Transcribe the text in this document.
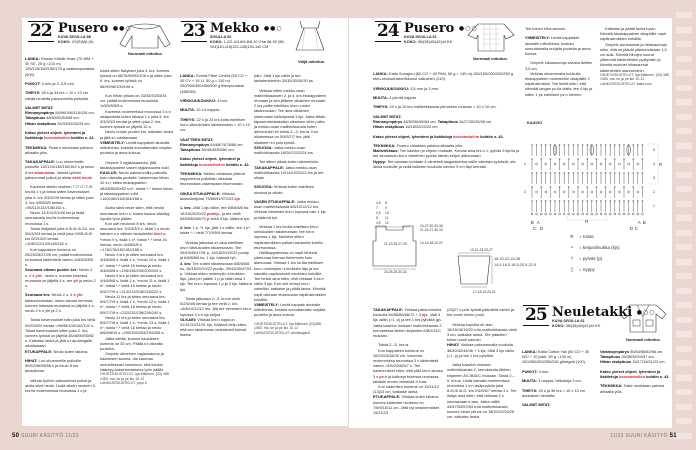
OHJEET
22 Pusero ●●○
KUVA SIVULLA 58
KOKO: XS(S)M(L)XL
Normaali mitoitus.

LANKA: Rowan Kidsilk Haze (70 WM + 30 SE, 25 g =210 m) 125/125/150/150/175 g vaaleanpunaista (600).

PUIKOT: 3 mm ja 3–3,5 mm.

TIHEYS: 25 s ja 34 krs = 10 x 10 cm sileää neuletta paksummilla puikoilla.

VALMIIT MITAT:
Rinnanympärys 84/96/106/116/126 cm.
Takapituus 48/50/52/54/56 cm.
Hihan sisäpituus 33/33/33/33/33 cm.

Katso yleiset ohjeet, lyhenteet ja lisätietoja korostettuihin kohtiin s. 42.

TEKNIIKKA: Pusero neulotaan paloina alhaalta ylös.

TAKAKAPPALE: Luo ohuemmille puikoille 110/124/136/150/162 s ja neulo 8 krs ainaoikeaa. Vaihda työhön paksummat puikot ja aloita sileä neule.

Kavenna sileän neuleen 7./7./7./7./9. krs:lla 1 s ja toista sitten kavennukset joka 6. krs 3/3/3/2/6 kertaa ja sitten joka 4. krs 4/5/5/5/0 kertaa =96/110/122/136/152 s.

Neulo 11/10/10/10/8 krs ja lisää seuraavalla krs:lla molemmissa reunoissa 1 s.

Toista lisäykset joka 6./6./6./6./10. krs 5/5/4/3/3 kertaa ja vielä joka 0/0/8./8./8. krs 0/0/1/2/0 kertaa =108/122/134/148/162 s.

Kun kappaleen korkeus on 25/25/26/27/28 cm, päätä molemmissa reunoissa kädentietä varten 1x5/5/5/5/5 s.

Seuraava oikean puolen krs: Neulo 2 s, 2 s yht., neulo s, kunnes toisessa reunassa on jäljellä 4 s, tee ylt ja neulo 2 s.

Seuraava krs: Neulo 2 s, 2 s yht takareunoistaan, neulo samaa kerrosta, kunnes toisessa reunassa on jäljellä 4 s, neulo 2 s n yht ja 2 n.

Toista kavennukset näin joka krs vielä 0/0/0/0/20 kertaa =98/98/100/102/102 s. Toista kavennukset sitten joka 2. krs, kunnes työssä on jäljellä 48/48/50/50/52 s. Katkaise lanka ja jätä s:t apulangalle odottamaan.

ETUKAPPALE: Neulo kuten takana.

HIHAT: Luo ohuemmille puikoille 50/52/56/56/58 s ja neulo 8 krs ainaoikeaa.

Vaihda työhön paksummat puikot ja aloita sileä neule. Lisää sileän neuleen 5. krs:lla molemmissa reunoissa 1 s ja

toista sitten lisäykset joka 4. krs, kunnes työssä on 66/76/80/92/106 s ja sitten joka 6. krs, kunnes työssä on 86/90/96/100/106 s.

Kun hihan pituus on 33/33/33/33/33 cm, päätä molemmissa reunoissa 1x5/5/5/5/5 s.

Kavenna molemmissa reunoissa 3 s:n sisäpuolella kuten takana 1 s joka 4. krs 3/3/3/3/3 kertaa ja sitten joka 2. krs, kunnes työssä on jäljellä 32 s.

Neulo nurjan puolen krs, katkaise lanka ja jätä s:t odottamaan.

VIIMEISTELY: Levitä kappaleet alustalle mittoihinsa, kostuta sumuttamalla nurjalta puolelta ja anna kuivua.

Ompele 3 raglansaumaa, jätä takakappaleen vasen raglansauma auki.

KAULUS: Neulo paksummilla puikoilla työn oikealta puolelta "vasemman hihan 32 s:n, sitten etukappaleen 48/48/50/50/52 s:n*, toista *-* toisen hihan ja takakappaleen s:illa =160/160/164/164/168 s.

Aloita sileä neule siten, että neulot seuraavan krs:n s, koska kaulus kääntyy lopulta työn päälle.

Kun olet neulonut 8 krs, neulo seuraava krs: 3/3/3/3/3 s, lisää 1 s neulo kahden s:n välinen lankalenkki kiert o, *neulo 9 s, lisää 1 s*, toista *-* vielä 16 kertaa, neulo 4/4/6/6/8 s =178/178/182/182/186 s.

Neulo 9 krs ja sitten seuraava krs: 4/4/6/6/8 s, lisää 1 s, *neulo 10 s, lisää 1 s*, toista *-* vielä 16 kertaa ja neulo 4/4/6/6/8 s =196/196/200/200/204 s.

Neulo 9 krs ja sitten seuraava krs: 4/4/6/6/8 s, lisää 1 s, *neulo 11 s, lisää 1 s*, toista *-* vielä 16 kertaa ja neulo 5/5/7/7/9 s =214/214/218/218/222 s.

Neulo 11 krs ja sitten seuraava krs: 5/5/7/7/9 s, lisää 1 s, *neulo 12 s, lisää 1 s*, toista *-* vielä 16 kertaa ja neulo 5/5/7/7/9 s =232/232/236/236/240 s.

Neulo 11 krs ja sitten seuraava krs: 5/5/7/7/8 s, lisää 1 s, *neulo 13 s, lisää 1 s*, toista *-* vielä 16 kertaa ja neulo 6/6/8/8/10 s =250/250/254/254/258 s.

Jatka sileää, kunnes kauluksen korkeus on 30 cm. Päätä s:t oikealta puolelta.

Ompele viimeinen raglansauma ja kauluksen sauma, ota saumaa ommellessasi huomioon, että kaulus kääntyy kaksinkertaisena työn päälle.

OHJETIEDUSTELUT: Irja Mäkinen, (03) 488 1083, ma, ke ja pe klo 10-12
LANKATIEDUSTELUT: yoyo.fi

23 Mekko ●●○
SIVULLA 60
KOKO: 1-2/2-4/4-6/6-8/8-10 V tai 86-92 (98-104)110-116(122-128)134-140 CM
Väljä mitoitus.

LANKA: Svarta Fåret Cecilia (55 CO + 30 CV + 15 LI, 50 g = 110 m) 250/300/350/450/500 g tiilenpunaista (385039).

VIRKKUUKOUKKU: 4 mm.

MUUTA: 10-14 nappia.

TIHEYS: 22 s ja 24 krs koita edellisen krs:n silmukoiden takareunaan = 10 x 10 cm.

VAATTEEN MITAT:
Rinnanympärys 64/68/74/78/86 cm.
Takapituus 35/40/45/50/60 cm.

Katso yleiset ohjeet, lyhenteet ja lisätietoja korostettuihin kohtiin s. 42.

TEKNIIKKA: Mekko virkataan yhtenä kappaleena poikittain oikeasta etureunasta vasempaan etureunaan.

OIKEA ETUKAPPALE: Virkkaa aloitusketjuksi 79/85/91/97/103 kjs.

1. krs: Jätä 1 kjs väliin, tee 6/8/8/8/8 ks, 16/18/20/20/22 puolip., ja tee vielä 54/58/62/66/70 p sekä 3 kjs, käännä työ.

2. krs: 1 p, *1 kjs, jätä 1 s väliin, tee 1 p*, toista *-* vielä 7/7/9/9/9 kertaa.

Virkkaa jatkossa s:t aina edellisen krs:n silmukoiden takareunaan. Tee 39/43/45/47/51 p, 16/18/20/20/22 puolip ja 6/8/8/8/8 ks, 1 kjs, käännä työ.

3. krs: Tee s:iden takareunaan 6/8/8/8/8 ks, 16/18/20/20/22 puolip, 39/43/45/47/51 p. Virkkaa sitten molempiin s:lenkkien läpi, joka pin päälle 1 p ja väliin aina 1 kjs. Tee krs:n lopussa 1 p ja 3 kjs, käännä työ.

Toista jatkossa 2.–3. krs:ia vielä 0/2/4/4/6 kertaa ja tee vielä 2. krs =6/8/10/12/12 krs. Älä tee viimeisen krs:n lopussa 3 s:n kjs ketjua.

OLKAIN: Virkkaa krs:n loppuun 31/31/31/31/31 kjs. Käännä ketju siten, että sen takareunan lankalenkit tulevat itseesi

päin. Jätä 1 kjs väliin ja tee lankalenkkeihin 30/30/30/30/30 ps.

Virkkaa sitten mekko-osan mallivirkkauksen 3. ja 4. krs etukappaleen reunaan ja sen jälkeen olkaimen reunaan 2 krs pcilta edellisen krs:n s:iden takareunaan. Tee aina olkaimen ylareunaan kääntyessä 1 kjs. Jatka tähän tapaan edestakaisin olkaimen sihin pcilta ja mekko-osan mallivirkkausta kuten aiemminkin eli toista 2.–3. krs:ia. Kun olkaimessa on 5/5/5/7/7 krs, jätä olkaimen s:t pois työstä.

SIVUOSA: Jatka mekko-osan mallivirkkausta 18/20/22/22/24 krs.

Tee sitten olkain kuten aiemminkin.

TAKAKAPPALE: Jatka mekko-osan mallivirkkausta 10/14/20/22/22 krs ja tee olkain.

SIVUOSA: Virkkaa kuten edellinen sivuosa ja olkain.

VASEN ETUKAPPALE: Jatka mekko-osan mallivirkkausta 6/8/10/12/12 krs. Virkkaa viimeisen krs:n lopussa vain 1 kjs ja käännä työ.

Virkkaa 1 krs ks:ilta edellisen krs:n silmukoiden takareunaan, tee krs:n lopussa 1 kjs. Merkitse sitten napituslenkkien paikat haluamiisi kohtiin etureunassa.

Hallikappaleessa on napit lähinnä ylareunaa hieman tiuhemmin kuin alareunaa. Virkkaa 1 krs ks:ilta edellisen krs:n molempien s:lenkkien läpi ja tee samalla napituslenkit merkkien kohdille. Tee lenkki aina siten, että virkkaat 3 ks:n väliin 3 kjs. Kun olet tehnyt krs:n valmiiksi, katkaise ja päätä lanka. Kiinnitä napit oikeaan etureunaan napituslenkkien kohdille.

VIIMEISTELY: Levitä kappale alustalle mittoihinsa, kostuta sumuttamalla nurjalta puolelta ja anna kuivua.

OHJETIEDUSTELUT: Irja Mäkinen (03)488 1083, ma, ke ja pe klo 10-12
LANKATIEDUSTELUT: wiurilangat.fi

24 Pusero ●○○
KUVA SIVULLA 61
KOKO: 36/(38)40/(42)44 KK
Normaali mitoitus.

LANKA: Katia Sonajero (60 CO + 40 PAN, 50 g = 145 m) 150/150/200/200/250 g ekru-siniruutuista/rikkunut valkoinen (210).

VIRKKUUKOUKKU: 3,5 mm ja 3 mm.

MUUTA: 4 pientä nappia.

TIHEYS: 23 s ja 10 krs mallivirkkausta piirroksen mukaan = 10 x 10 cm.

VALMIIT MITAT:
Rinnanympärys 48/52/56/60/64 cm. Takapituus 34/27/30/33/36 cm.
Hihan sisäpituus 16/18/20/22/24 cm.

Katso yleiset ohjeet, lyhenteet ja lisätietoja korostettuihin kohtiin s. 42.

TEKNIIKKA: Pusero virkataan paloina alhaalta ylös.
Mallivirkkaus: Tee kaavion ja ohjeen mukaan. Korvaa aina krs:n 1. pylväs 3 kjs:lla ja tee seuraavan krs:n viimeinen pylväs tämän ketjun yläreunaan.
Nyppy: Tee samaan kohtaan 4 viimeistä langankiertoa vaille valmista pylvästä, ota lanka koukulle ja vedä kaikkien koukulla olevien 5 s:n läpi kerralla.

4,5 8
7 9
2,5 10
8 11
4,5 12
24-27-30-33-36
21-24-27-30-33
14-16-18-20-22
21-23-25-27-29
24-26-28-30-32
19-21-23-25-27
18-20-22-24-26
14,5-16,5-18,5-20,5-22,5
17-18-19-20-21

TAKAKAPPALE: Virkkaa paksummalla koukulla 54/58/66/68/72 + 3 kjs. Jätä 3 kjs väliin (=1. p) ja tee 1 krs pylväitä (p). Jatka kaavion mukaan mallivirkkausta 2. kerroksesta lähtien kirjainten A/B/C/D/C mukaan.

Toista 2.–5. krs:ia.

Kun kappaleen korkeus on 16/20/24/28/32 cm, kavenna molemmissa reunoissa 3 x kädentietä varten =4/5/2/2/6/5/7 s. Tee kavennukset siten, että yllät krs:n alussa 3 s ps:n ja käännyt toisessa reunassa takaisin ennen viimeistä 3 s:aa.

Kun kädentien korkeus on 10/11/12 (13)14 cm, katkaise lanka.

ETUKAPPALE: Virkkaa kuten takana, kunnes kädentien korkeus on 7/8/9/10/11 cm. Jätä nyt keskimmäiset 19/21/23

(25)27 s pois työstä pääntietä varten ja tee ensin toinen puoli.

Virkkaa kopuilla eli olan 15/16/18/19/20 s:lla mallivirkkausta vielä 3 cm, katkaise lanka. Tee pääntien toinen puoli samoin.

HIHAT: Virkkaa paksummalla koukulla 38/40/42/44/46 + 3 kjs. Jätä 3 kjs väliin (=1. p) ja tee 1 krs pylväitä.

Jatka kaavion mukaan mallivirkkausta 2. kerroksesta lähtien kirjainten A/C/B/A/C mukaan. Toista 2.–5. krs:ia. Lisää samalla molemmissa reunoissa 1 s:n sisäpuolella joka 8./6./6./6./2. krs 2/4/5/6/7 kertaa 1 s. Tee lisäys aina siten, että virkkaat 2 s seuraavaan s:aan. Jatka näillä 43/47/53/57/63 s:lla mallivirkkausta kunnes hihan pituus on 18/20/22/24/26 cm, katkaise lanka.

Tee toinen hiha samoin.

VIIMEISTELY: Levitä kappaleet alustalle mittoihinsa, kostuta sumuttamalla nurjalta puolelta ja anna kuivua.

Ompele olkasaumoja sivusta lähtien 3,5 cm.

Virkkaa ohuemmalla koukulla etukappaleen molemmille olkapäille 2 napituslenkkiä. Tee lenkit siten, että kiinnität langan pc:lla olalle, tee 4 kjs ja sitten 1 ps edellisen ps:n viereen.

Katkaise ja päätä lanka hyvin. Kiinnitä takakappaleen olkapäille napit napituslenkkien kohdille.

Ompele sivusaumat ja hihasaumoja siten, että ne jäävät yläreunoistaan 1,5 cm auki. Kiinnitä hihojen suorat yläreunat kädenteiden pystyosiin ja kiinnitä avoimet hihasaumat kädenteiden alareunoihin.

OHJETIEDUSTELUT: Irja Mäkinen, (03) 488 1083, ma, ke ja pe klo 10-12
LANKATIEDUSTELUT: katia.com

KAAVIO
1
2
3
4
5
2
4	R
R
B A
C D	D C
A B
R = toista
∘ = ketjusilmukka (kjs)
† = pylväs (p)
⬯ = nyppy
25 Neuletakki ●○○
KUVA SIVULLA 61
KOKO: 36/(38)40/(42)44 KK
Normaali mitoitus.

LANKA: Katia Cotton Yak (60 CO + 30 WO + 10 jakki, 50 g =130 m) 150/350/200/250/250 g/beigeä (100).

PUIKOT: 4 mm.

MUUTA: 3 nappia, helkaisija 3 cm.

TIHEYS: 20 s ja 36 krs = 10 x 10 cm ainaoikein neuletta.

VALMIIT MITAT:

Vartaloympärys 50/54/58/62/66 cm.
Takapituus 35/38/39/34/37 cm.
Hihan sisäpituus 15/17/19/21/23 cm.

Katso yleiset ohjeet, lyhenteet ja lisätietoja korostettuihin kohtiin s. 42.

TEKNIIKKA: Takki neulotaan paloina alhaalta ylös.

50 SUURI KÄSITYÖ 11/23	11/23 SUURI KÄSITYÖ 51
